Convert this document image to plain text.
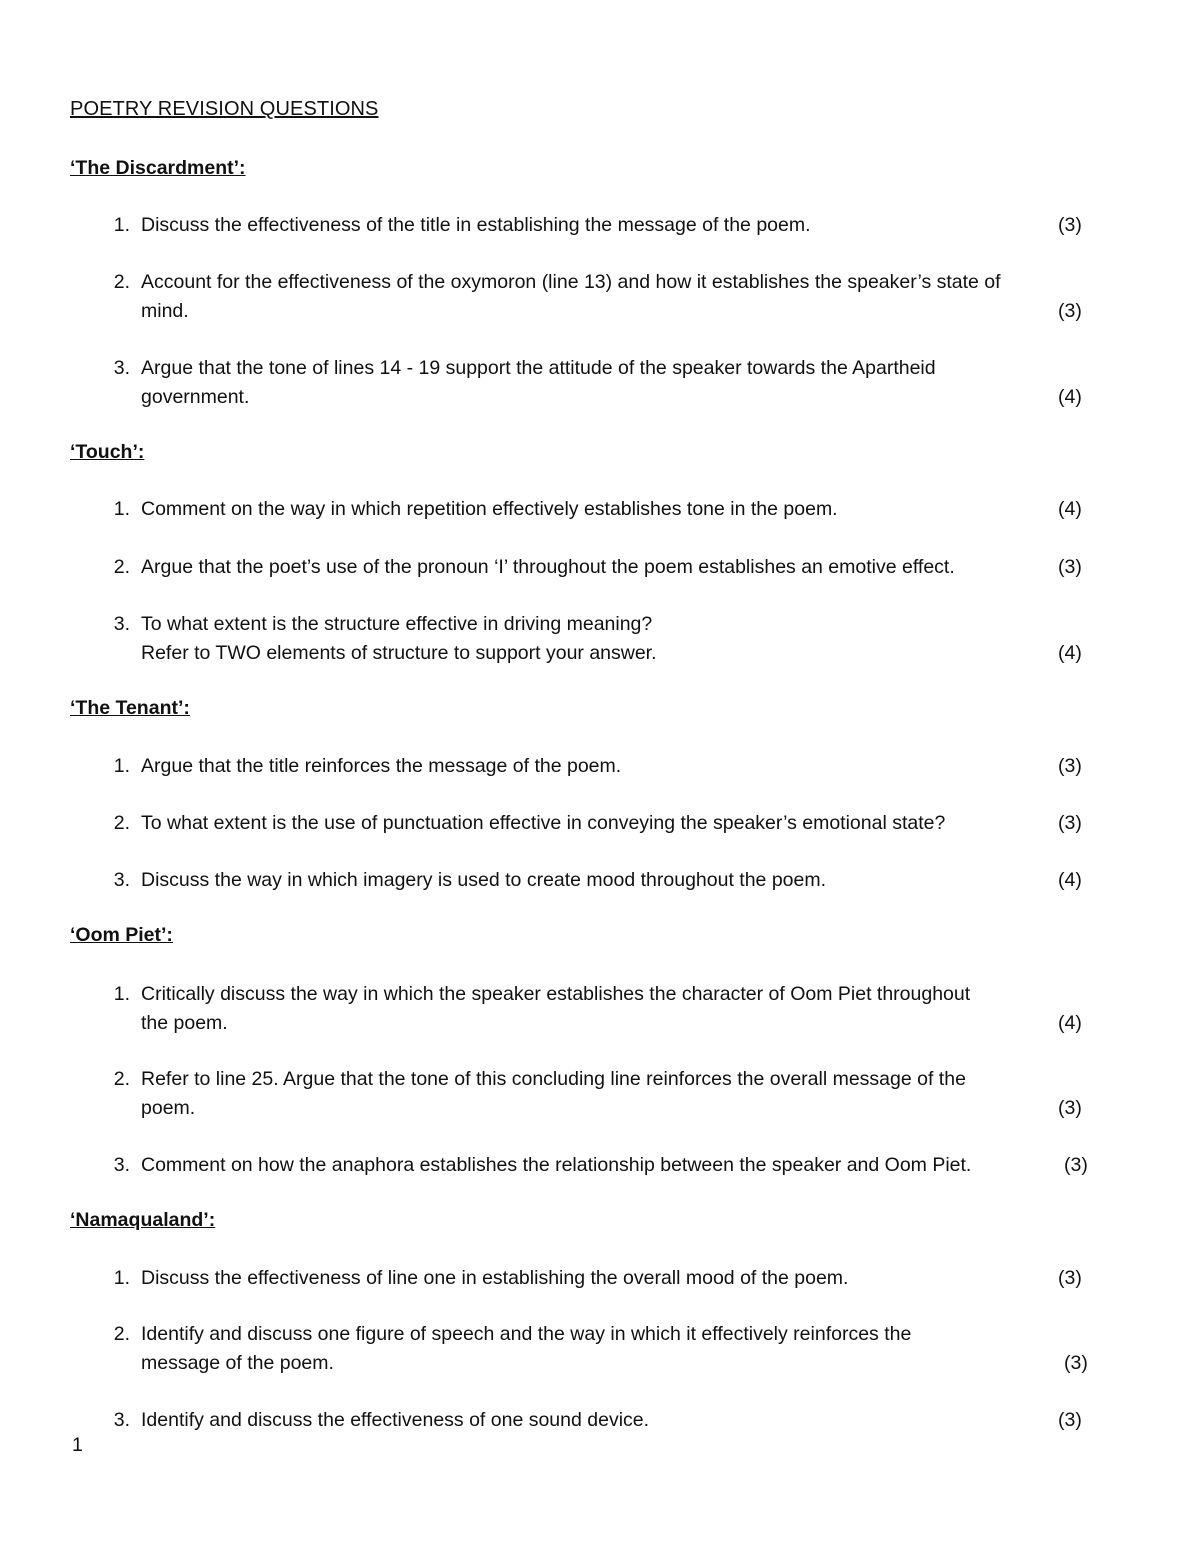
POETRY REVISION QUESTIONS
‘The Discardment’:
1. Discuss the effectiveness of the title in establishing the message of the poem.	(3)
2. Account for the effectiveness of the oxymoron (line 13) and how it establishes the speaker’s state of
mind.	(3)
3. Argue that the tone of lines 14 - 19 support the attitude of the speaker towards the Apartheid
government.	(4)
‘Touch’:
1. Comment on the way in which repetition effectively establishes tone in the poem.	(4)
2. Argue that the poet’s use of the pronoun ‘I’ throughout the poem establishes an emotive effect.	(3)
3. To what extent is the structure effective in driving meaning?
Refer to TWO elements of structure to support your answer.	(4)
‘The Tenant’:
1. Argue that the title reinforces the message of the poem.	(3)
2. To what extent is the use of punctuation effective in conveying the speaker’s emotional state?	(3)
3. Discuss the way in which imagery is used to create mood throughout the poem.	(4)
‘Oom Piet’:
1. Critically discuss the way in which the speaker establishes the character of Oom Piet throughout
the poem.	(4)
2. Refer to line 25. Argue that the tone of this concluding line reinforces the overall message of the
poem.	(3)
3. Comment on how the anaphora establishes the relationship between the speaker and Oom Piet.	(3)
‘Namaqualand’:
1. Discuss the effectiveness of line one in establishing the overall mood of the poem.	(3)
2. Identify and discuss one figure of speech and the way in which it effectively reinforces the
message of the poem.	(3)
3. Identify and discuss the effectiveness of one sound device.	(3)
1
